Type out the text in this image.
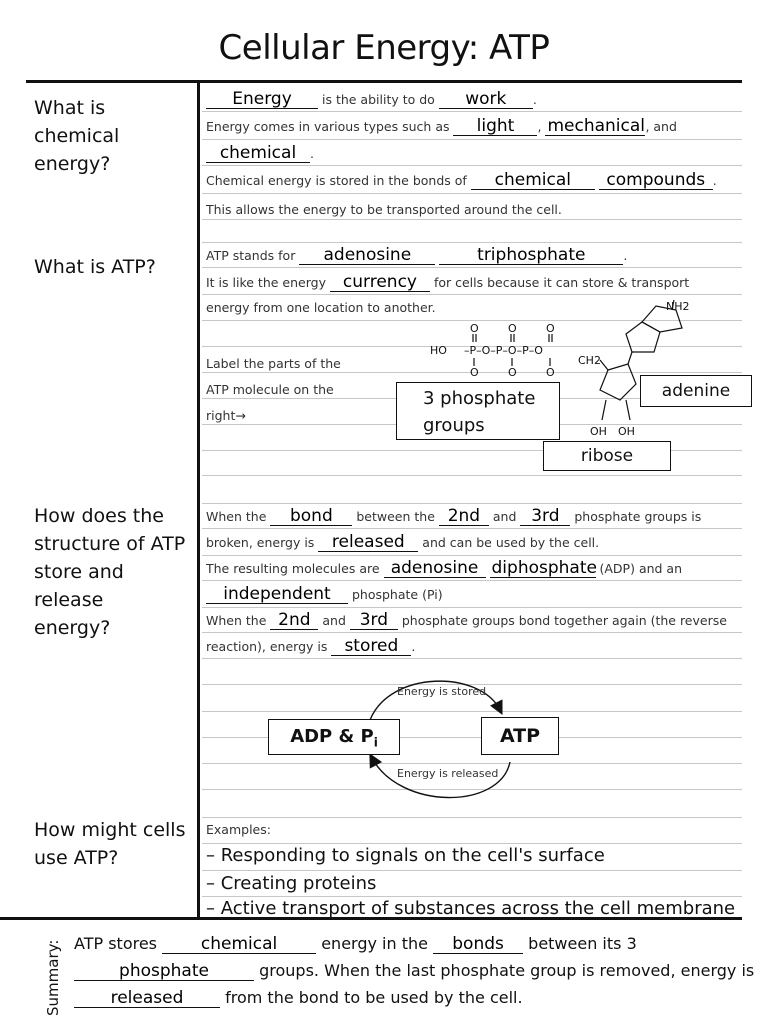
Cellular Energy: ATP
What is chemical
energy?
What is ATP?
How does the
structure of ATP
store and release
energy?
How might cells
use ATP?
Energy is the ability to do work .
Energy comes in various types such as light , mechanical, and
chemical .
Chemical energy is stored in the bonds of chemical compounds .
This allows the energy to be transported around the cell.
ATP stands for adenosine	triphosphate	.
It is like the energy currency for cells because it can store & transport
energy from one location to another.
Label the parts of the
ATP molecule on the
right→
HO
O	O	O
–P–O–P–O–P–O
O	O	O
CH2
NH2
OH OH
3 phosphate
groups
adenine
ribose
When the bond between the 2nd and 3rd phosphate groups is
broken, energy is released and can be used by the cell.
The resulting molecules are adenosine diphosphate (ADP) and an
independent phosphate (Pi)
When the 2nd and 3rd phosphate groups bond together again (the reverse
reaction), energy is stored .
Energy is stored
Energy is released
ADP & $P_i$	ATP
Examples:
– Responding to signals on the cell's surface
– Creating proteins
– Active transport of substances across the cell membrane
Summary: ATP stores	chemical	energy in the bonds between its 3
phosphate	groups. When the last phosphate group is removed, energy is
released	from the bond to be used by the cell.
